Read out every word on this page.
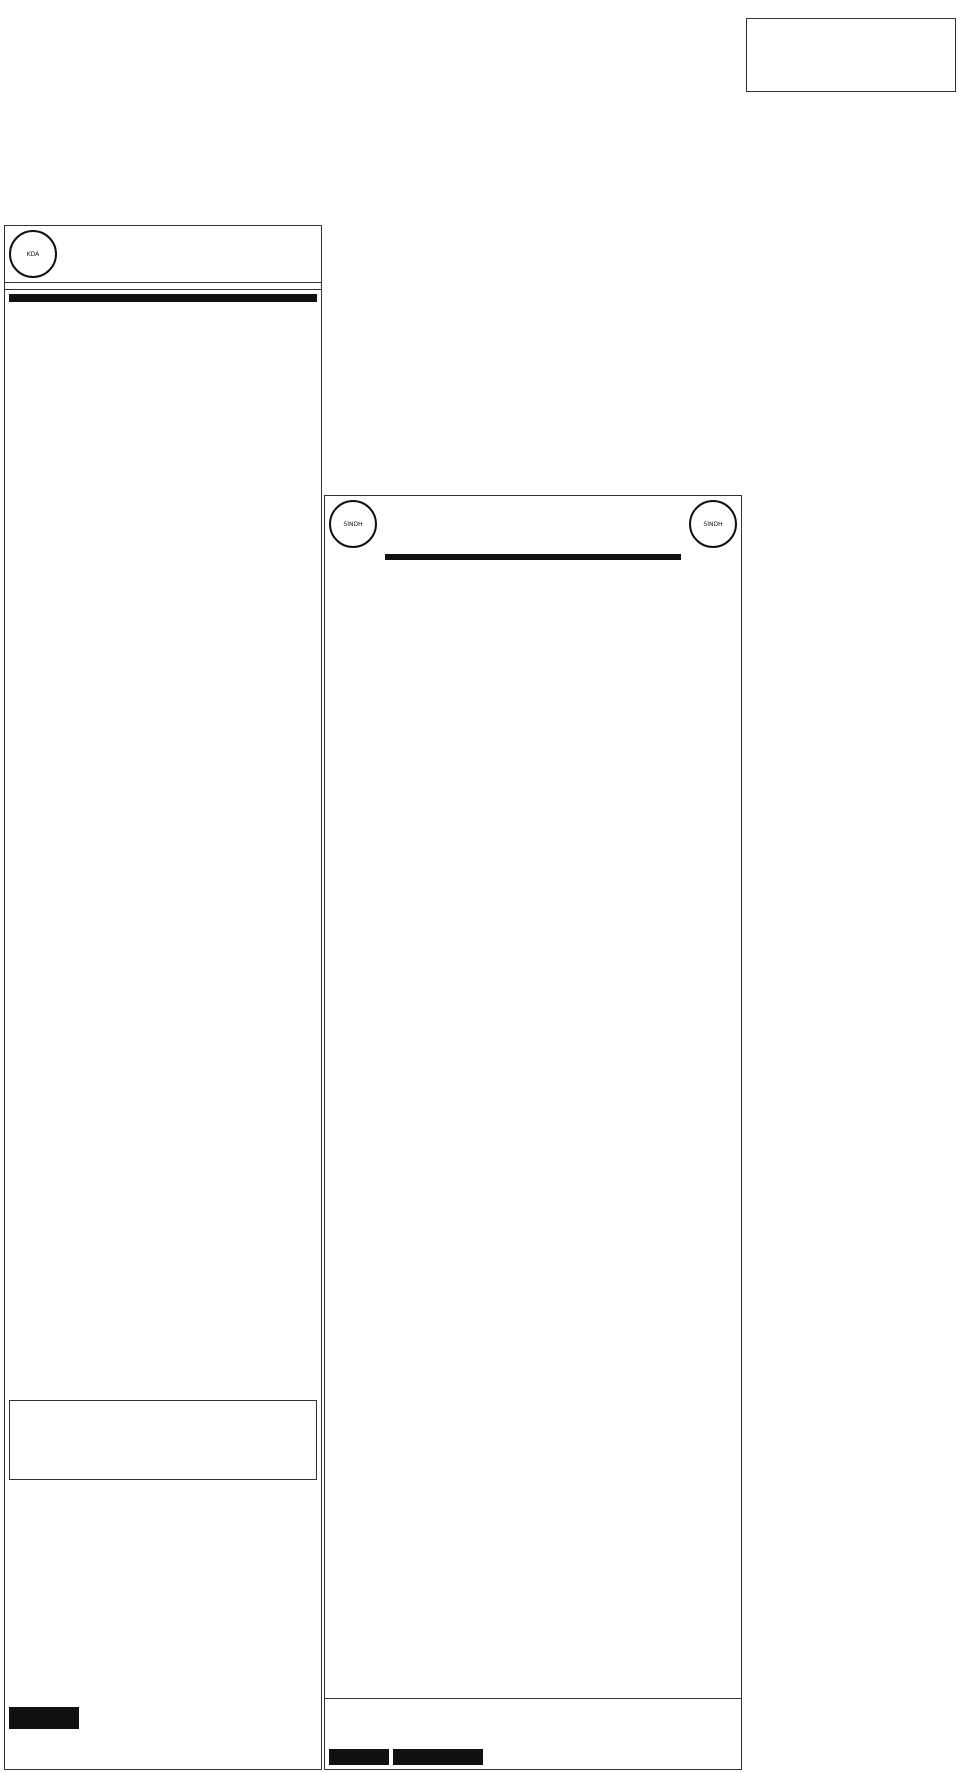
KDA
SINDH	SINDH
